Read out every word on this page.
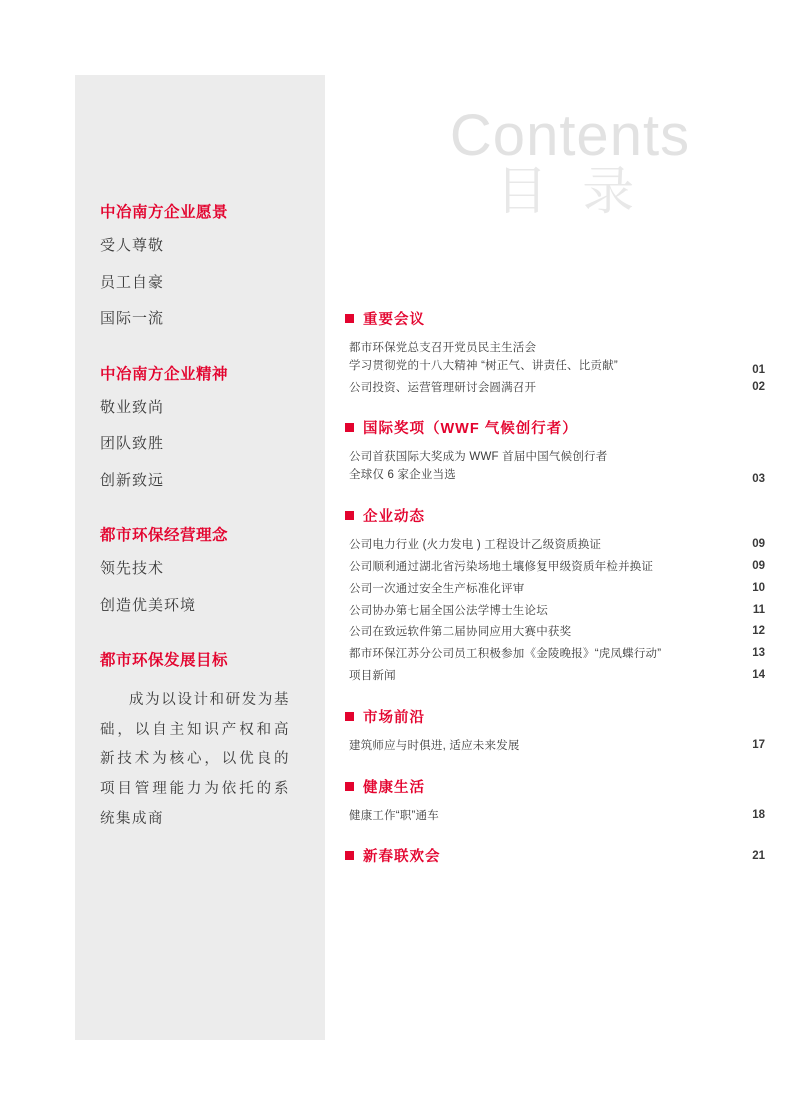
中冶南方企业愿景
受人尊敬
员工自豪
国际一流
中冶南方企业精神
敬业致尚
团队致胜
创新致远
都市环保经营理念
领先技术
创造优美环境
都市环保发展目标
成为以设计和研发为基础，以自主知识产权和高新技术为核心，以优良的项目管理能力为依托的系统集成商
Contents
目 录
重要会议
都市环保党总支召开党员民主生活会
学习贯彻党的十八大精神 “树正气、讲责任、比贡献”	01
公司投资、运营管理研讨会圆满召开	02
国际奖项（WWF 气候创行者）
公司首获国际大奖成为 WWF 首届中国气候创行者
全球仅 6 家企业当选	03
企业动态
公司电力行业 (火力发电 ) 工程设计乙级资质换证	09
公司顺利通过湖北省污染场地土壤修复甲级资质年检并换证	09
公司一次通过安全生产标准化评审	10
公司协办第七届全国公法学博士生论坛	11
公司在致远软件第二届协同应用大赛中获奖	12
都市环保江苏分公司员工积极参加《金陵晚报》“虎凤蝶行动”	13
项目新闻	14
市场前沿
建筑师应与时俱进, 适应未来发展	17
健康生活
健康工作“职”通车	18
新春联欢会	21
